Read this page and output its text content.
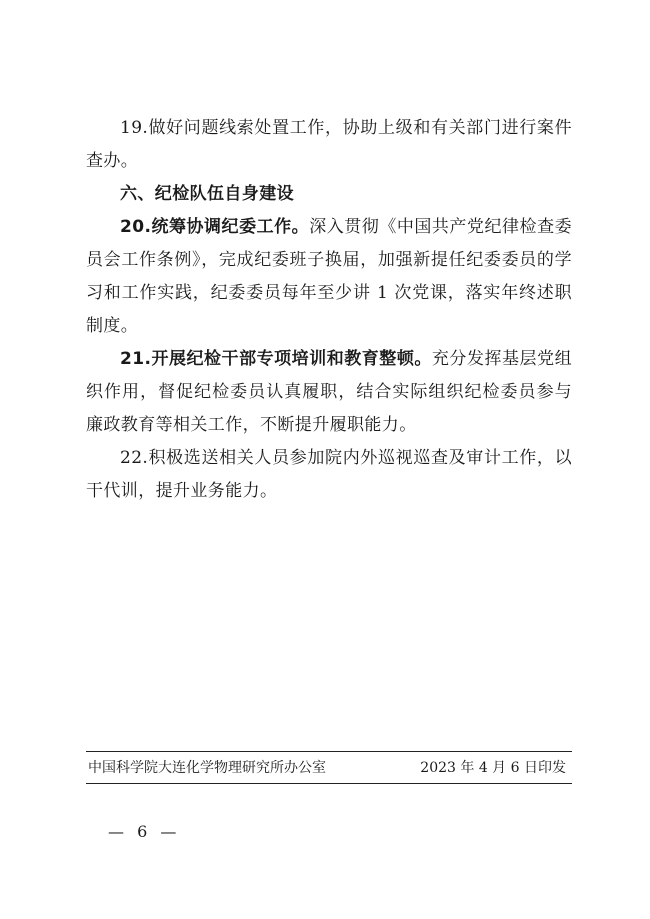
19.做好问题线索处置工作，协助上级和有关部门进行案件查办。

六、纪检队伍自身建设

20.统筹协调纪委工作。深入贯彻《中国共产党纪律检查委员会工作条例》，完成纪委班子换届，加强新提任纪委委员的学习和工作实践，纪委委员每年至少讲 1 次党课，落实年终述职制度。

21.开展纪检干部专项培训和教育整顿。充分发挥基层党组织作用，督促纪检委员认真履职，结合实际组织纪检委员参与廉政教育等相关工作，不断提升履职能力。

22.积极选送相关人员参加院内外巡视巡查及审计工作，以干代训，提升业务能力。

中国科学院大连化学物理研究所办公室	2023 年 4 月 6 日印发
— 6 —
